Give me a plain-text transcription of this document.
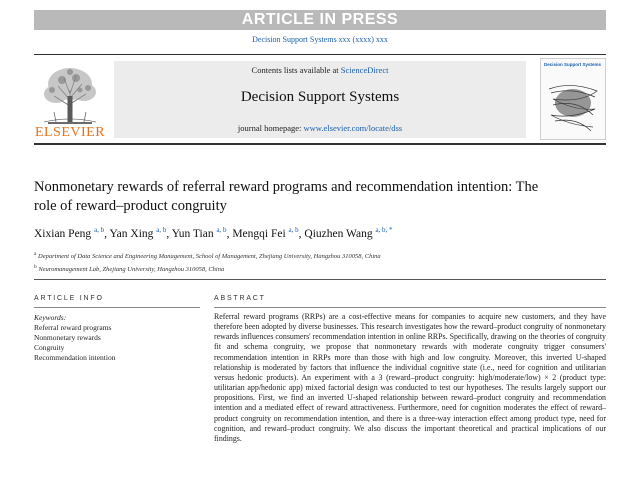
ARTICLE IN PRESS
Decision Support Systems xxx (xxxx) xxx
ELSEVIER
Contents lists available at ScienceDirect
Decision Support Systems
journal homepage: www.elsevier.com/locate/dss
Decision Support Systems
Nonmonetary rewards of referral reward programs and recommendation intention: The role of reward–product congruity
Xixian Peng $^{a, b}$, Yan Xing $^{a, b}$, Yun Tian $^{a, b}$, Mengqi Fei $^{a, b}$, Qiuzhen Wang $^{a, b, *}$
$^a$ Department of Data Science and Engineering Management, School of Management, Zhejiang University, Hangzhou 310058, China
$^b$ Neuromanagement Lab, Zhejiang University, Hangzhou 310058, China
ARTICLE INFO	ABSTRACT
Keywords:
Referral reward programs
Nonmonetary rewards
Congruity
Recommendation intention
Referral reward programs (RRPs) are a cost-effective means for companies to acquire new customers, and they have therefore been adopted by diverse businesses. This research investigates how the reward–product congruity of nonmonetary rewards influences consumers' recommendation intention in online RRPs. Specifically, drawing on the theories of congruity fit and schema congruity, we propose that nonmonetary rewards with moderate congruity trigger consumers' recommendation intention in RRPs more than those with high and low congruity. Moreover, this inverted U-shaped relationship is moderated by factors that influence the individual cognitive state (i.e., need for cognition and utilitarian versus hedonic products). An experiment with a 3 (reward–product congruity: high/moderate/low) × 2 (product type: utilitarian app/hedonic app) mixed factorial design was conducted to test our hypotheses. The results largely support our propositions. First, we find an inverted U-shaped relationship between reward–product congruity and recommendation intention and a mediated effect of reward attractiveness. Furthermore, need for cognition moderates the effect of reward–product congruity on recommendation intention, and there is a three-way interaction effect among product type, need for cognition, and reward–product congruity. We also discuss the important theoretical and practical implications of our findings.
